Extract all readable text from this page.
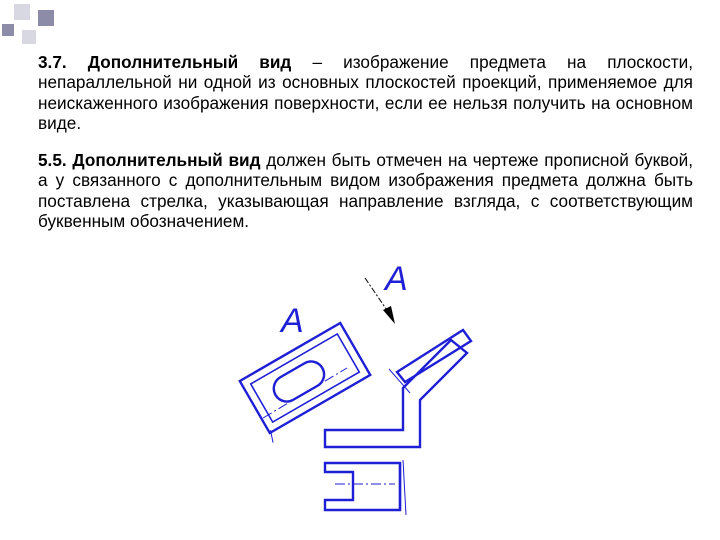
3.7. Дополнительный вид – изображение предмета на плоскости, непараллельной ни одной из основных плоскостей проекций, применяемое для неискаженного изображения поверхности, если ее нельзя получить на основном виде.

5.5. Дополнительный вид должен быть отмечен на чертеже прописной буквой, а у связанного с дополнительным видом изображения предмета должна быть поставлена стрелка, указывающая направление взгляда, с соответствующим буквенным обозначением.

А
А
